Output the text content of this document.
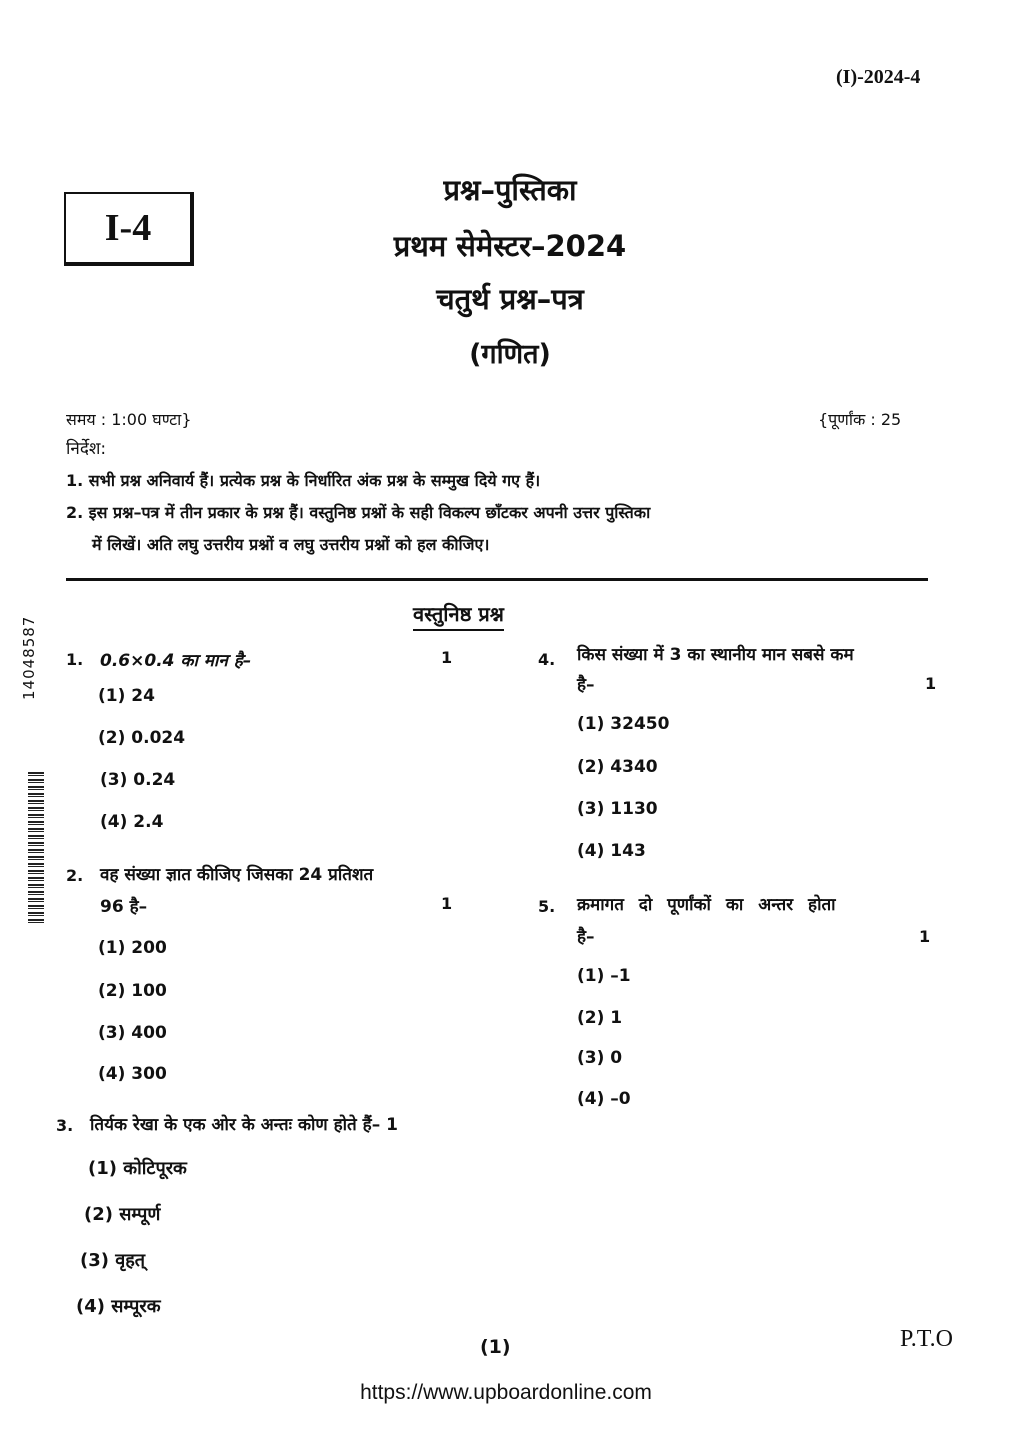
(I)-2024-4
I-4
प्रश्न–पुस्तिका
प्रथम सेमेस्टर–2024
चतुर्थ प्रश्न–पत्र
(गणित)
समय : 1:00 घण्टा}	{पूर्णांक : 25
निर्देश:
1. सभी प्रश्न अनिवार्य हैं। प्रत्येक प्रश्न के निर्धारित अंक प्रश्न के सम्मुख दिये गए हैं।
2. इस प्रश्न–पत्र में तीन प्रकार के प्रश्न हैं। वस्तुनिष्ठ प्रश्नों के सही विकल्प छाँटकर अपनी उत्तर पुस्तिका
में लिखें। अति लघु उत्तरीय प्रश्नों व लघु उत्तरीय प्रश्नों को हल कीजिए।
वस्तुनिष्ठ प्रश्न
14048587 1. 0.6×0.4 का मान है–	1
(1) 24
(2) 0.024
(3) 0.24
(4) 2.4
2. वह संख्या ज्ञात कीजिए जिसका 24 प्रतिशत
96 है–	1
(1) 200
(2) 100
(3) 400
(4) 300
3. तिर्यक रेखा के एक ओर के अन्तः कोण होते हैं– 1
(1) कोटिपूरक
(2) सम्पूर्ण
(3) वृहत्
(4) सम्पूरक
4. किस संख्या में 3 का स्थानीय मान सबसे कम
है–	1
(1) 32450
(2) 4340
(3) 1130
(4) 143
5. क्रमागत दो पूर्णांकों का अन्तर होता
है–	1
(1) –1
(2) 1
(3) 0
(4) –0
(1)	P.T.O
https://www.upboardonline.com
